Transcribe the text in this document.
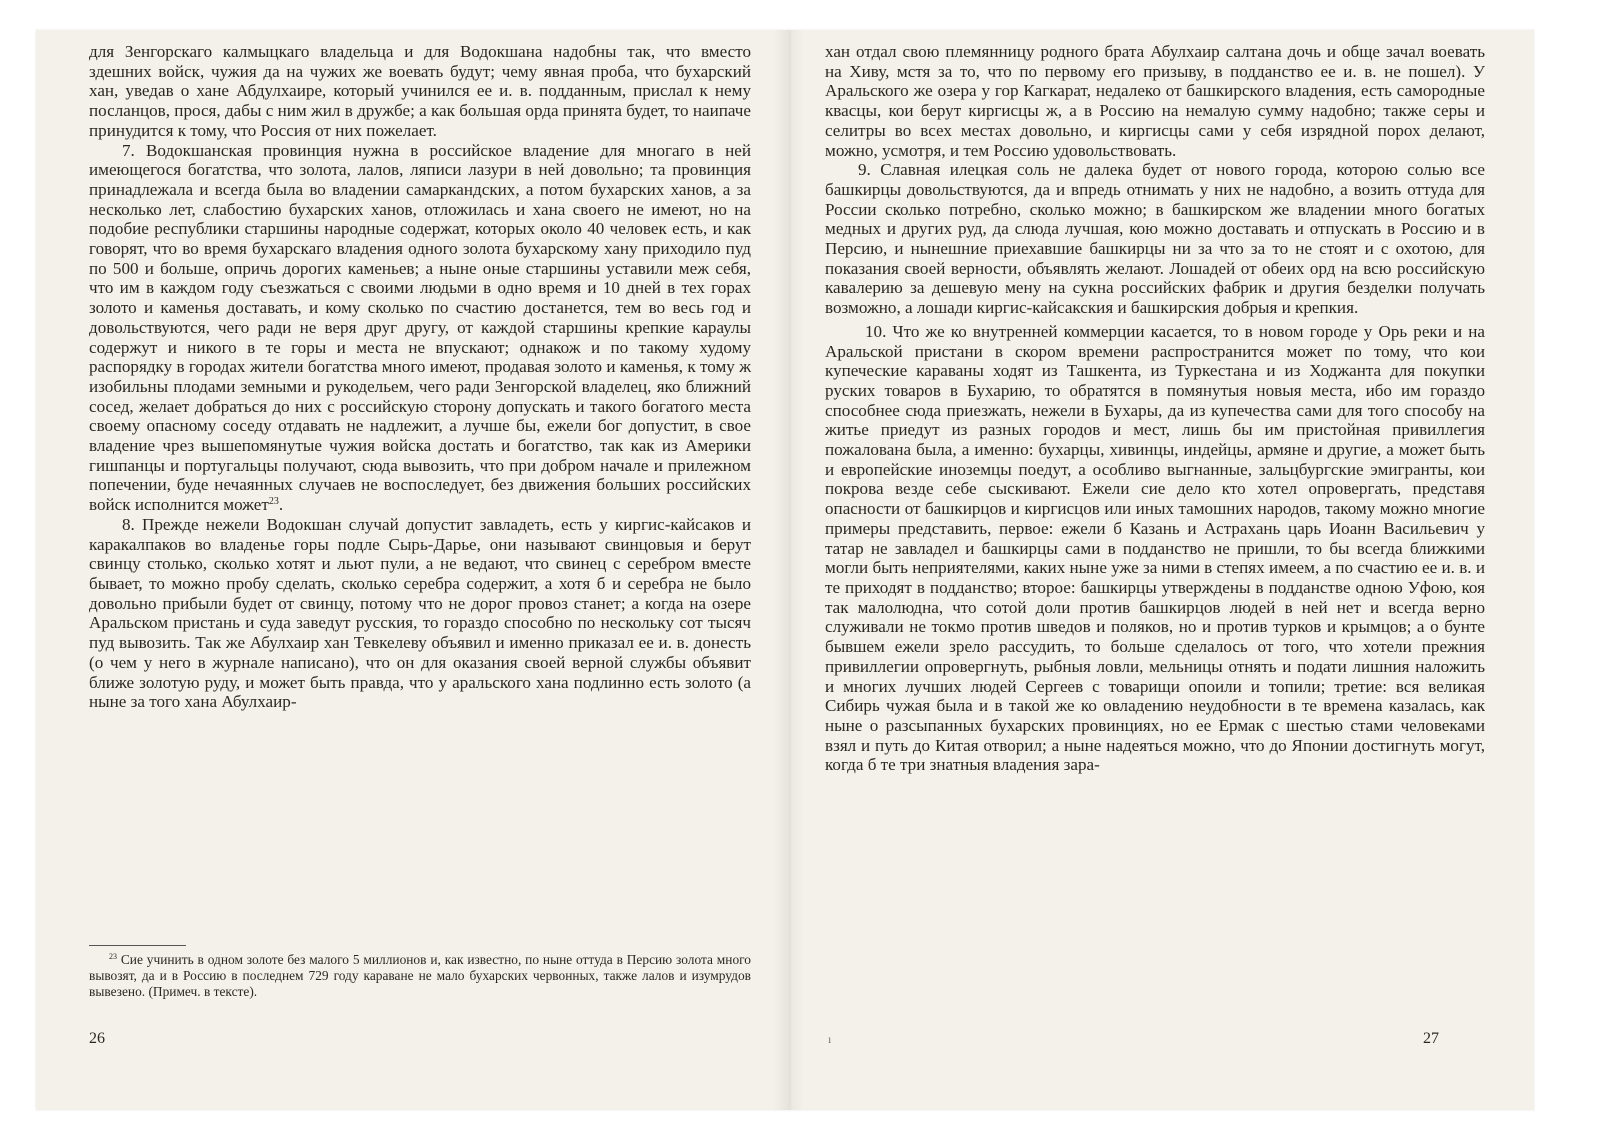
для Зенгорскаго калмыцкаго владельца и для Водокшана надобны так, что вместо здешних войск, чужия да на чужих же воевать будут; чему явная проба, что бухарский хан, уведав о хане Абдулхаире, который учинился ее и. в. подданным, прислал к нему посланцов, прося, дабы с ним жил в дружбе; а как большая орда принята будет, то наипаче принудится к тому, что Россия от них пожелает.

7. Водокшанская провинция нужна в российское владение для многаго в ней имеющегося богатства, что золота, лалов, ляписи лазури в ней довольно; та провинция принадлежала и всегда была во владении самаркандских, а потом бухарских ханов, а за несколько лет, слабостию бухарских ханов, отложилась и хана своего не имеют, но на подобие республики старшины народные содержат, которых около 40 человек есть, и как говорят, что во время бухарскаго владения одного золота бухарскому хану приходило пуд по 500 и больше, опричь дорогих каменьев; а ныне оные старшины уставили меж себя, что им в каждом году съезжаться с своими людьми в одно время и 10 дней в тех горах золото и каменья доставать, и кому сколько по счастию достанется, тем во весь год и довольствуются, чего ради не веря друг другу, от каждой старшины крепкие караулы содержут и никого в те горы и места не впускают; однакож и по такому худому распорядку в городах жители богатства много имеют, продавая золото и каменья, к тому ж изобильны плодами земными и рукодельем, чего ради Зенгорской владелец, яко ближний сосед, желает добраться до них с российскую сторону допускать и такого богатого места своему опасному соседу отдавать не надлежит, а лучше бы, ежели бог допустит, в свое владение чрез вышепомянутые чужия войска достать и богатство, так как из Америки гишпанцы и португальцы получают, сюда вывозить, что при добром начале и прилежном попечении, буде нечаянных случаев не воспоследует, без движения больших российских войск исполнится может$^{23}$.

8. Прежде нежели Водокшан случай допустит завладеть, есть у киргис-кайсаков и каракалпаков во владенье горы подле Сырь-Дарье, они называют свинцовыя и берут свинцу столько, сколько хотят и льют пули, а не ведают, что свинец с серебром вместе бывает, то можно пробу сделать, сколько серебра содержит, а хотя б и серебра не было довольно прибыли будет от свинцу, потому что не дорог провоз станет; а когда на озере Аральском пристань и суда заведут русския, то гораздо способно по нескольку сот тысяч пуд вывозить. Так же Абулхаир хан Тевкелеву объявил и именно приказал ее и. в. донесть (о чем у него в журнале написано), что он для оказания своей верной службы объявит ближе золотую руду, и может быть правда, что у аральского хана подлинно есть золото (а ныне за того хана Абулхаир-

$^{23}$ Сие учинить в одном золоте без малого 5 миллионов и, как известно, по ныне оттуда в Персию золота много вывозят, да и в Россию в последнем 729 году караване не мало бухарских червонных, также лалов и изумрудов вывезено. (Примеч. в тексте).

26

хан отдал свою племянницу родного брата Абулхаир салтана дочь и обще зачал воевать на Хиву, мстя за то, что по первому его призыву, в подданство ее и. в. не пошел). У Аральского же озера у гор Кагкарат, недалеко от башкирского владения, есть самородные квасцы, кои берут киргисцы ж, а в Россию на немалую сумму надобно; также серы и селитры во всех местах довольно, и киргисцы сами у себя изрядной порох делают, можно, усмотря, и тем Россию удовольствовать.

9. Славная илецкая соль не далека будет от нового города, которою солью все башкирцы довольствуются, да и впредь отнимать у них не надобно, а возить оттуда для России сколько потребно, сколько можно; в башкирском же владении много богатых медных и других руд, да слюда лучшая, кою можно доставать и отпускать в Россию и в Персию, и нынешние приехавшие башкирцы ни за что за то не стоят и с охотою, для показания своей верности, объявлять желают. Лошадей от обеих орд на всю российскую кавалерию за дешевую мену на сукна российских фабрик и другия безделки получать возможно, а лошади киргис-кайсакския и башкирския добрыя и крепкия.

10. Что же ко внутренней коммерции касается, то в новом городе у Орь реки и на Аральской пристани в скором времени распространится может по тому, что кои купеческие караваны ходят из Ташкента, из Туркестана и из Ходжанта для покупки руских товаров в Бухарию, то обратятся в помянутыя новыя места, ибо им гораздо способнее сюда приезжать, нежели в Бухары, да из купечества сами для того способу на житье приедут из разных городов и мест, лишь бы им пристойная привиллегия пожалована была, а именно: бухарцы, хивинцы, индейцы, армяне и другие, а может быть и европейские иноземцы поедут, а особливо выгнанные, зальцбургские эмигранты, кои покрова везде себе сыскивают. Ежели сие дело кто хотел опровергать, представя опасности от башкирцов и киргисцов или иных тамошних народов, такому можно многие примеры представить, первое: ежели б Казань и Астрахань царь Иоанн Васильевич у татар не завладел и башкирцы сами в подданство не пришли, то бы всегда ближкими могли быть неприятелями, каких ныне уже за ними в степях имеем, а по счастию ее и. в. и те приходят в подданство; второе: башкирцы утверждены в подданстве одною Уфою, коя так малолюдна, что сотой доли против башкирцов людей в ней нет и всегда верно служивали не токмо против шведов и поляков, но и против турков и крымцов; а о бунте бывшем ежели зрело рассудить, то больше сделалось от того, что хотели прежния привиллегии опровергнуть, рыбныя ловли, мельницы отнять и подати лишния наложить и многих лучших людей Сергеев с товарищи опоили и топили; третие: вся великая Сибирь чужая была и в такой же ко овладению неудобности в те времена казалась, как ныне о разсыпанных бухарских провинциях, но ее Ермак с шестью стами человеками взял и путь до Китая отворил; а ныне надеяться можно, что до Японии достигнуть могут, когда б те три знатныя владения зара-

ı	27
